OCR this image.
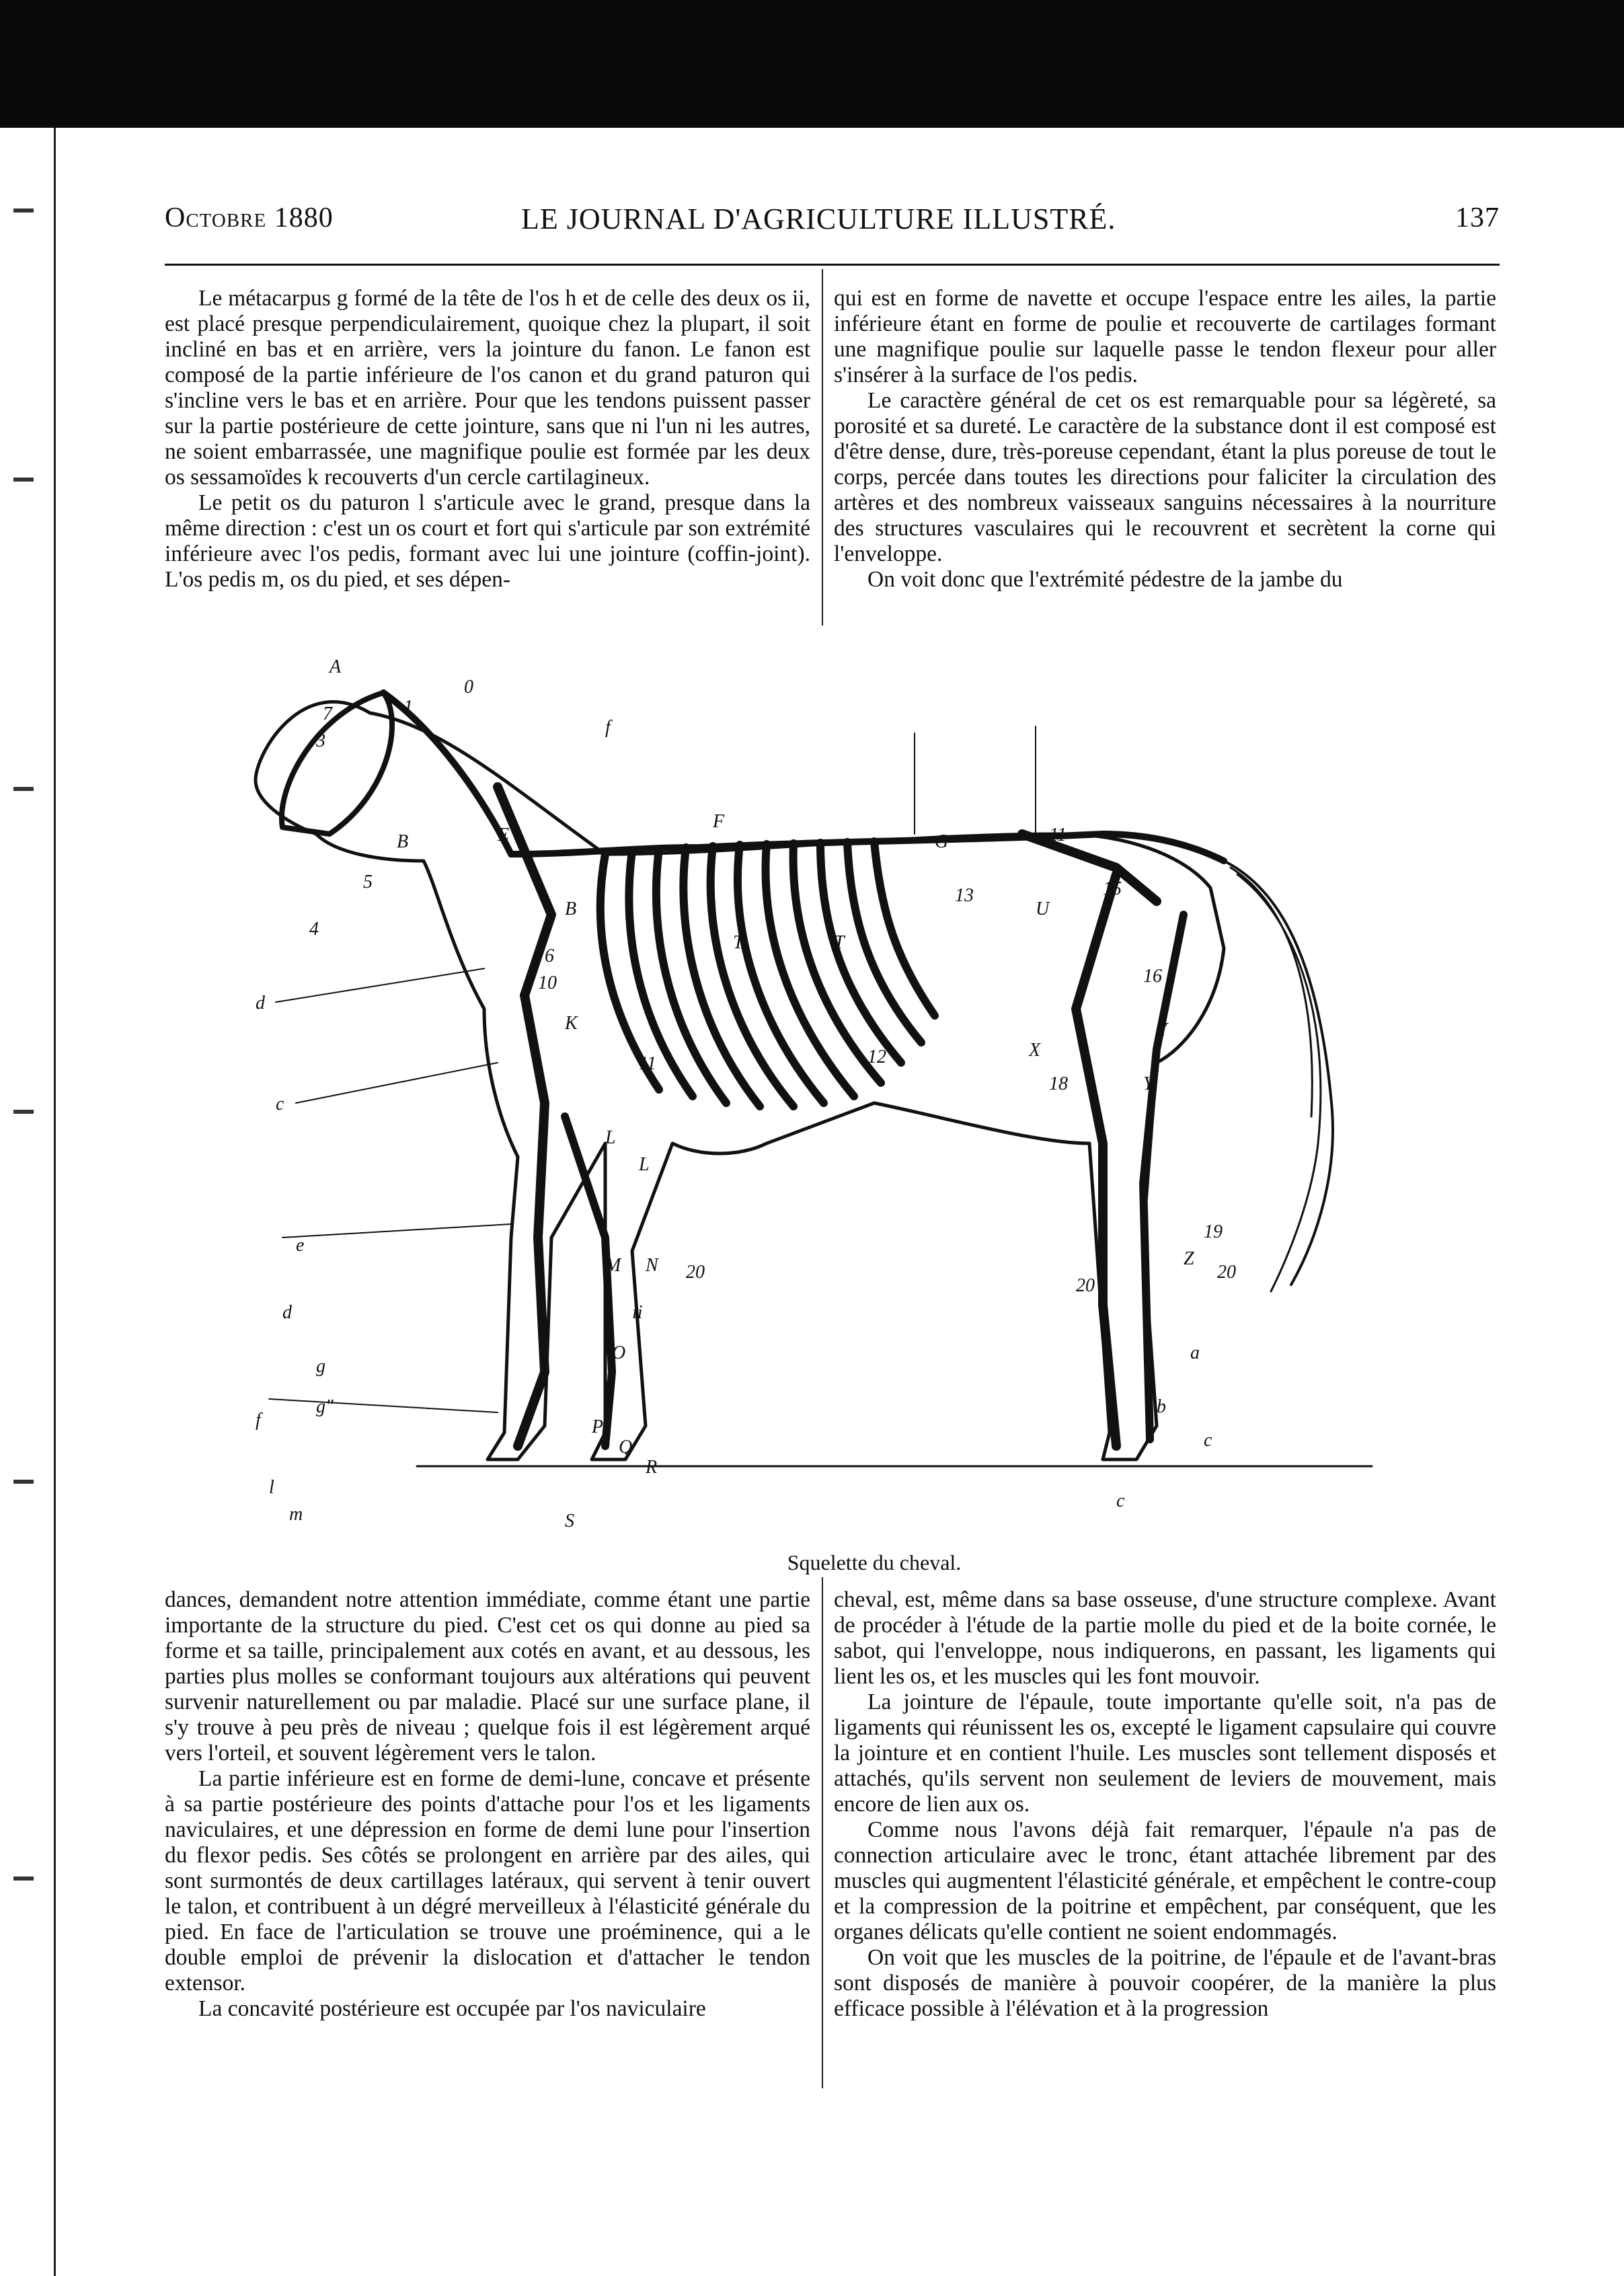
Octobre 1880	LE JOURNAL D'AGRICULTURE ILLUSTRÉ.	137

Le métacarpus g formé de la tête de l'os h et de celle des deux os ii, est placé presque perpendiculairement, quoique chez la plupart, il soit incliné en bas et en arrière, vers la jointure du fanon. Le fanon est composé de la partie inférieure de l'os canon et du grand paturon qui s'incline vers le bas et en arrière. Pour que les tendons puissent passer sur la partie postérieure de cette jointure, sans que ni l'un ni les autres, ne soient embarrassée, une magnifique poulie est formée par les deux os sessamoïdes k recouverts d'un cercle cartilagineux.

Le petit os du paturon l s'articule avec le grand, presque dans la même direction : c'est un os court et fort qui s'articule par son extrémité inférieure avec l'os pedis, formant avec lui une jointure (coffin-joint). L'os pedis m, os du pied, et ses dépen-

qui est en forme de navette et occupe l'espace entre les ailes, la partie inférieure étant en forme de poulie et recouverte de cartilages formant une magnifique poulie sur laquelle passe le tendon flexeur pour aller s'insérer à la surface de l'os pedis.

Le caractère général de cet os est remarquable pour sa légèreté, sa porosité et sa dureté. Le caractère de la substance dont il est composé est d'être dense, dure, très-poreuse cependant, étant la plus poreuse de tout le corps, percée dans toutes les directions pour faliciter la circulation des artères et des nombreux vaisseaux sanguins nécessaires à la nourriture des structures vasculaires qui le recouvrent et secrètent la corne qui l'enveloppe.

On voit donc que l'extrémité pédestre de la jambe du

A
7
3
1
0
f
B	E
5
4
F
G	11
13
U
15
d
B
6
10
K
T	T
16
c
12	X
Y
18
e
11
L
L
Y
d
19
g
M N 20
20
20
Z
g"
ii
O	a
f	P
Q
b
l
R
c
m	S
c
Squelette du cheval.

dances, demandent notre attention immédiate, comme étant une partie importante de la structure du pied. C'est cet os qui donne au pied sa forme et sa taille, principalement aux cotés en avant, et au dessous, les parties plus molles se conformant toujours aux altérations qui peuvent survenir naturellement ou par maladie. Placé sur une surface plane, il s'y trouve à peu près de niveau ; quelque fois il est légèrement arqué vers l'orteil, et souvent légèrement vers le talon.

La partie inférieure est en forme de demi-lune, concave et présente à sa partie postérieure des points d'attache pour l'os et les ligaments naviculaires, et une dépression en forme de demi lune pour l'insertion du flexor pedis. Ses côtés se prolongent en arrière par des ailes, qui sont surmontés de deux cartillages latéraux, qui servent à tenir ouvert le talon, et contribuent à un dégré merveilleux à l'élasticité générale du pied. En face de l'articulation se trouve une proéminence, qui a le double emploi de prévenir la dislocation et d'attacher le tendon extensor.

La concavité postérieure est occupée par l'os naviculaire

cheval, est, même dans sa base osseuse, d'une structure complexe. Avant de procéder à l'étude de la partie molle du pied et de la boite cornée, le sabot, qui l'enveloppe, nous indiquerons, en passant, les ligaments qui lient les os, et les muscles qui les font mouvoir.

La jointure de l'épaule, toute importante qu'elle soit, n'a pas de ligaments qui réunissent les os, excepté le ligament capsulaire qui couvre la jointure et en contient l'huile. Les muscles sont tellement disposés et attachés, qu'ils servent non seulement de leviers de mouvement, mais encore de lien aux os.

Comme nous l'avons déjà fait remarquer, l'épaule n'a pas de connection articulaire avec le tronc, étant attachée librement par des muscles qui augmentent l'élasticité générale, et empêchent le contre-coup et la compression de la poitrine et empêchent, par conséquent, que les organes délicats qu'elle contient ne soient endommagés.

On voit que les muscles de la poitrine, de l'épaule et de l'avant-bras sont disposés de manière à pouvoir coopérer, de la manière la plus efficace possible à l'élévation et à la progression
